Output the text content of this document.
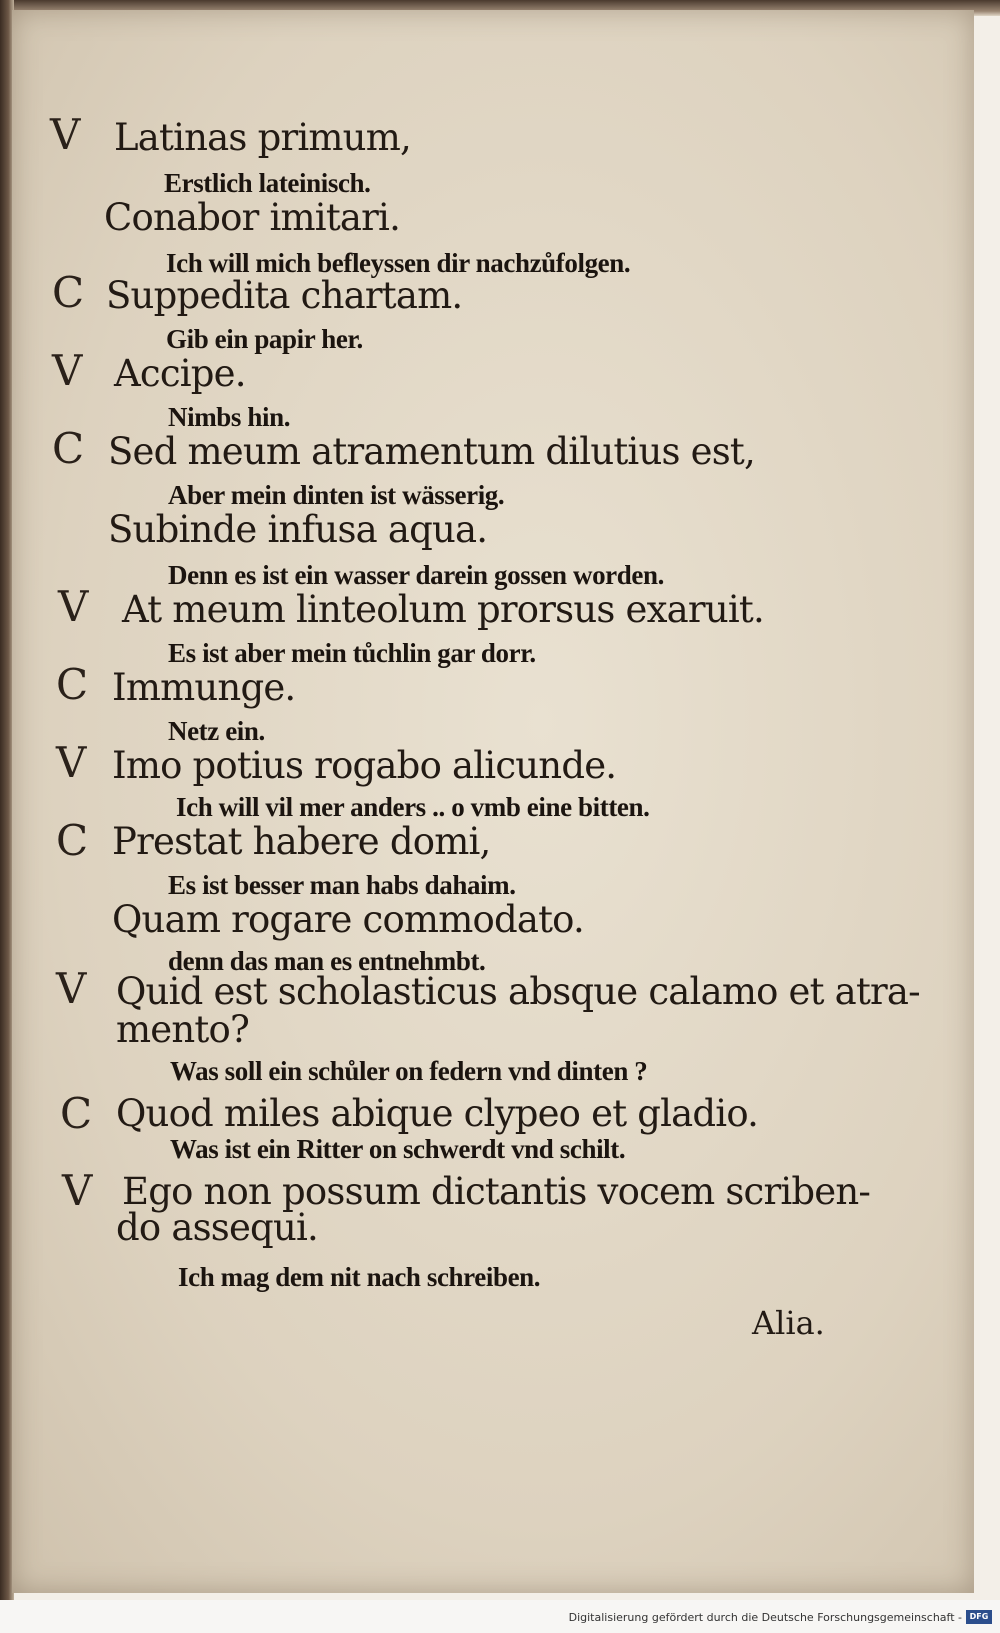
V
C
V
C
V
C
V
C
V
C
V
Latinas primum,
Erstlich lateinisch.
Conabor imitari.
Ich will mich befleyssen dir nachzůfolgen.
Suppedita chartam.
Gib ein papir her.
Accipe.
Nimbs hin.
Sed meum atramentum dilutius est,
Aber mein dinten ist wässerig.
Subinde infusa aqua.
Denn es ist ein wasser darein gossen worden.
At meum linteolum prorsus exaruit.
Es ist aber mein tůchlin gar dorr.
Immunge.
Netz ein.
Imo potius rogabo alicunde.
Ich will vil mer anders .. o vmb eine bitten.
Prestat habere domi,
Es ist besser man habs dahaim.
Quam rogare commodato.
denn das man es entnehmbt.
Quid est scholasticus absque calamo et atra-
mento?
Was soll ein schůler on federn vnd dinten ?
Quod miles abique clypeo et gladio.
Was ist ein Ritter on schwerdt vnd schilt.
Ego non possum dictantis vocem scriben-
do assequi.
Ich mag dem nit nach schreiben.
Alia.
Digitalisierung gefördert durch die Deutsche Forschungsgemeinschaft - DFG
